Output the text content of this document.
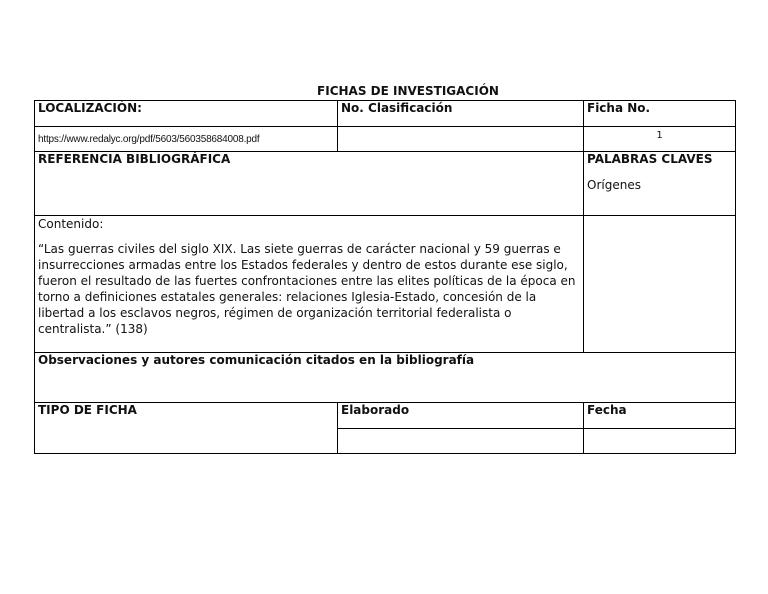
FICHAS DE INVESTIGACIÓN
LOCALIZACIÓN:	No. Clasificación	Ficha No.

https://www.redalyc.org/pdf/5603/560358684008.pdf		1

REFERENCIA BIBLIOGRÁFICA		PALABRAS CLAVES
Orígenes

Contenido:
“Las guerras civiles del siglo XIX. Las siete guerras de carácter nacional y 59 guerras e insurrecciones armadas entre los Estados federales y dentro de estos durante ese siglo, fueron el resultado de las fuertes confrontaciones entre las elites políticas de la época en torno a definiciones estatales generales: relaciones Iglesia-Estado, concesión de la libertad a los esclavos negros, régimen de organización territorial federalista o centralista.” (138)		

Observaciones y autores comunicación citados en la bibliografía		
TIPO DE FICHA	Elaborado	Fecha
